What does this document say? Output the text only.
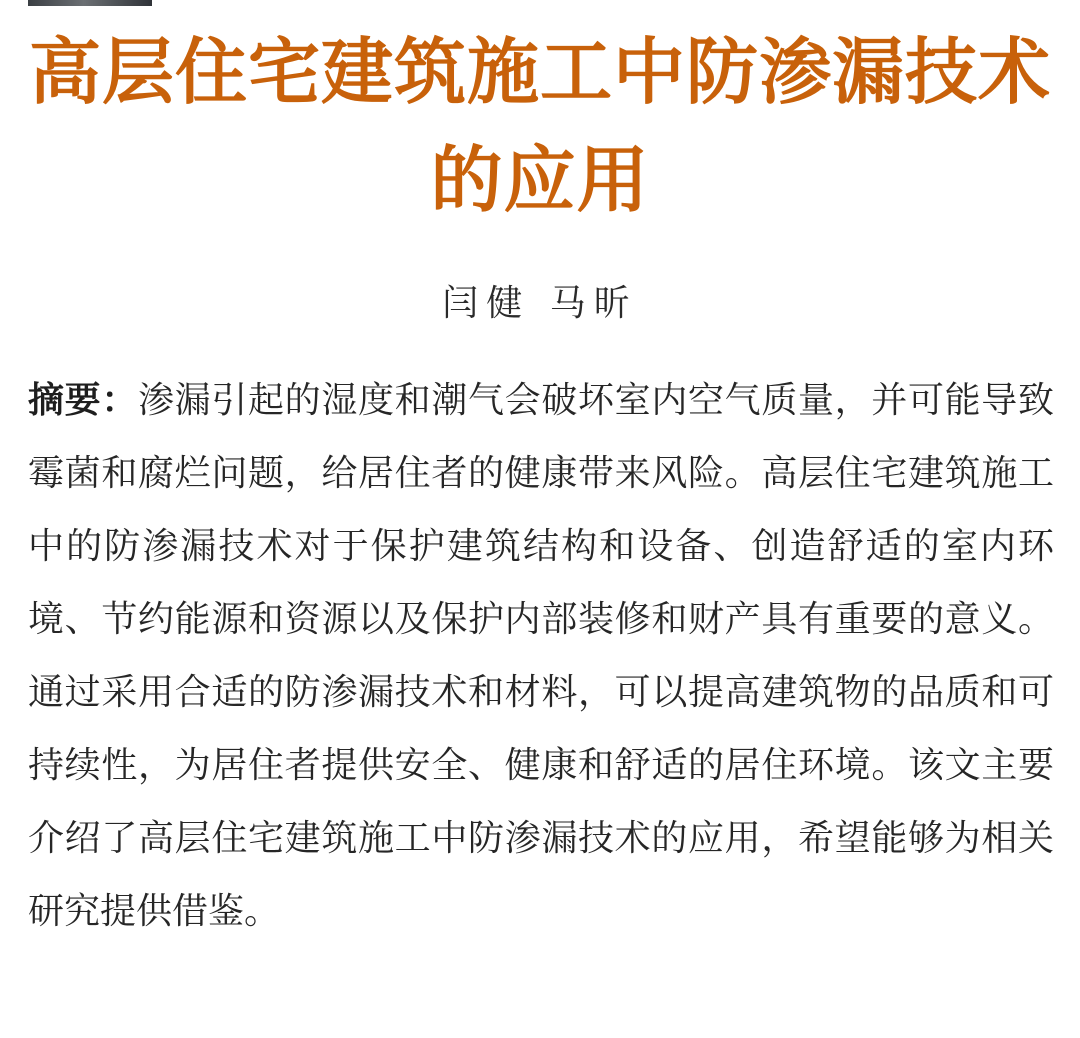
高层住宅建筑施工中防渗漏技术的应用
闫健 马昕

摘要：渗漏引起的湿度和潮气会破坏室内空气质量，并可能导致霉菌和腐烂问题，给居住者的健康带来风险。高层住宅建筑施工中的防渗漏技术对于保护建筑结构和设备、创造舒适的室内环境、节约能源和资源以及保护内部装修和财产具有重要的意义。通过采用合适的防渗漏技术和材料，可以提高建筑物的品质和可持续性，为居住者提供安全、健康和舒适的居住环境。该文主要介绍了高层住宅建筑施工中防渗漏技术的应用，希望能够为相关研究提供借鉴。
